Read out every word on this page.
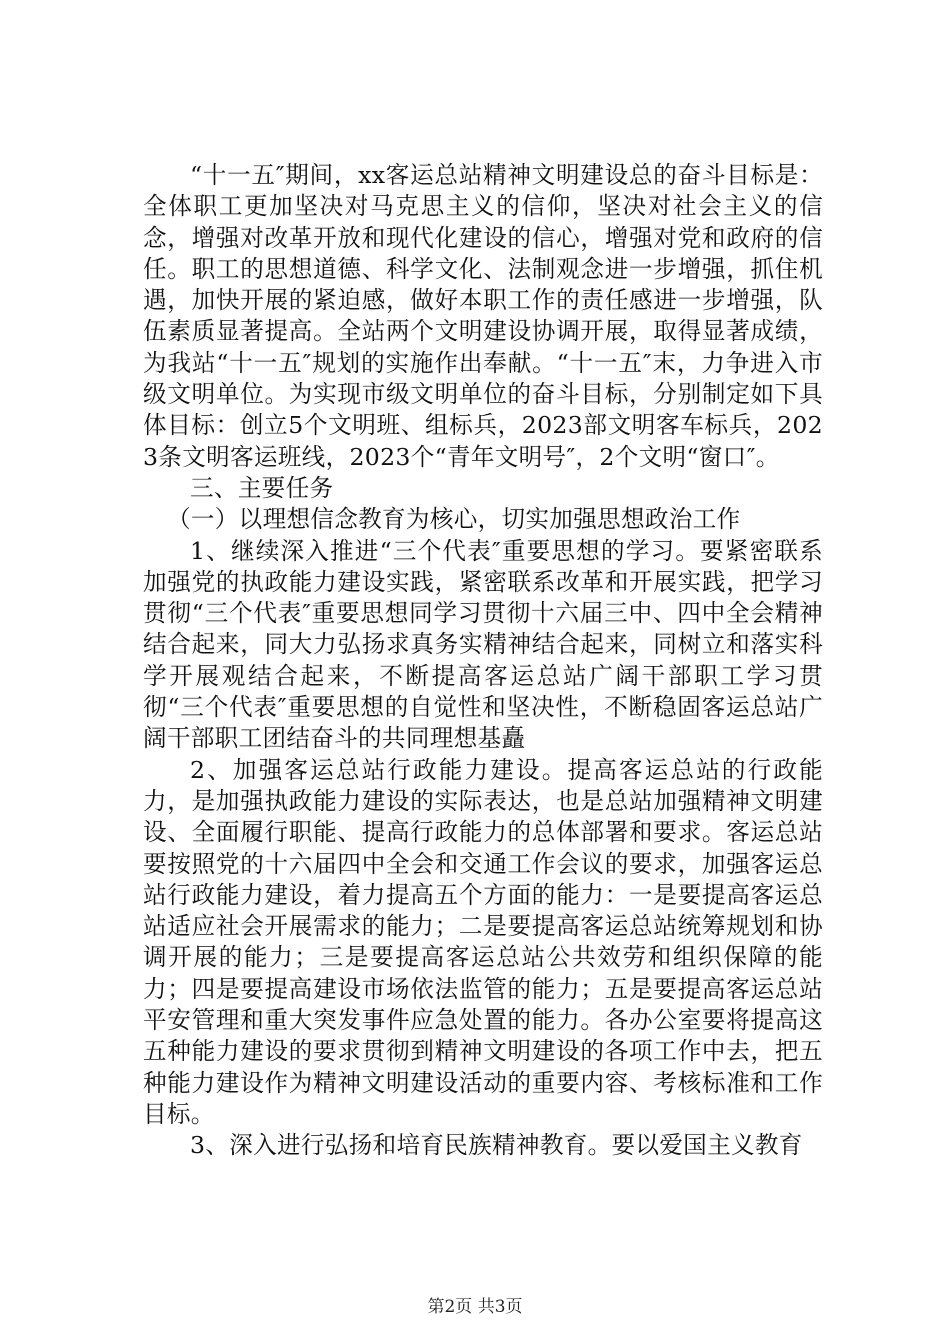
“十一五″期间，xx客运总站精神文明建设总的奋斗目标是：全体职工更加坚决对马克思主义的信仰，坚决对社会主义的信念，增强对改革开放和现代化建设的信心，增强对党和政府的信任。职工的思想道德、科学文化、法制观念进一步增强，抓住机遇，加快开展的紧迫感，做好本职工作的责任感进一步增强，队伍素质显著提高。全站两个文明建设协调开展，取得显著成绩，为我站“十一五″规划的实施作出奉献。“十一五″末，力争进入市级文明单位。为实现市级文明单位的奋斗目标，分别制定如下具体目标：创立5个文明班、组标兵，2023部文明客车标兵，2023条文明客运班线，2023个“青年文明号″，2个文明“窗口″。

三、主要任务

（一）以理想信念教育为核心，切实加强思想政治工作

1、继续深入推进“三个代表″重要思想的学习。要紧密联系加强党的执政能力建设实践，紧密联系改革和开展实践，把学习贯彻“三个代表″重要思想同学习贯彻十六届三中、四中全会精神结合起来，同大力弘扬求真务实精神结合起来，同树立和落实科学开展观结合起来，不断提高客运总站广阔干部职工学习贯彻“三个代表″重要思想的自觉性和坚决性，不断稳固客运总站广阔干部职工团结奋斗的共同理想基矗

2、加强客运总站行政能力建设。提高客运总站的行政能力，是加强执政能力建设的实际表达，也是总站加强精神文明建设、全面履行职能、提高行政能力的总体部署和要求。客运总站要按照党的十六届四中全会和交通工作会议的要求，加强客运总站行政能力建设，着力提高五个方面的能力：一是要提高客运总站适应社会开展需求的能力；二是要提高客运总站统筹规划和协调开展的能力；三是要提高客运总站公共效劳和组织保障的能力；四是要提高建设市场依法监管的能力；五是要提高客运总站平安管理和重大突发事件应急处置的能力。各办公室要将提高这五种能力建设的要求贯彻到精神文明建设的各项工作中去，把五种能力建设作为精神文明建设活动的重要内容、考核标准和工作目标。

3、深入进行弘扬和培育民族精神教育。要以爱国主义教育

第2页 共3页
